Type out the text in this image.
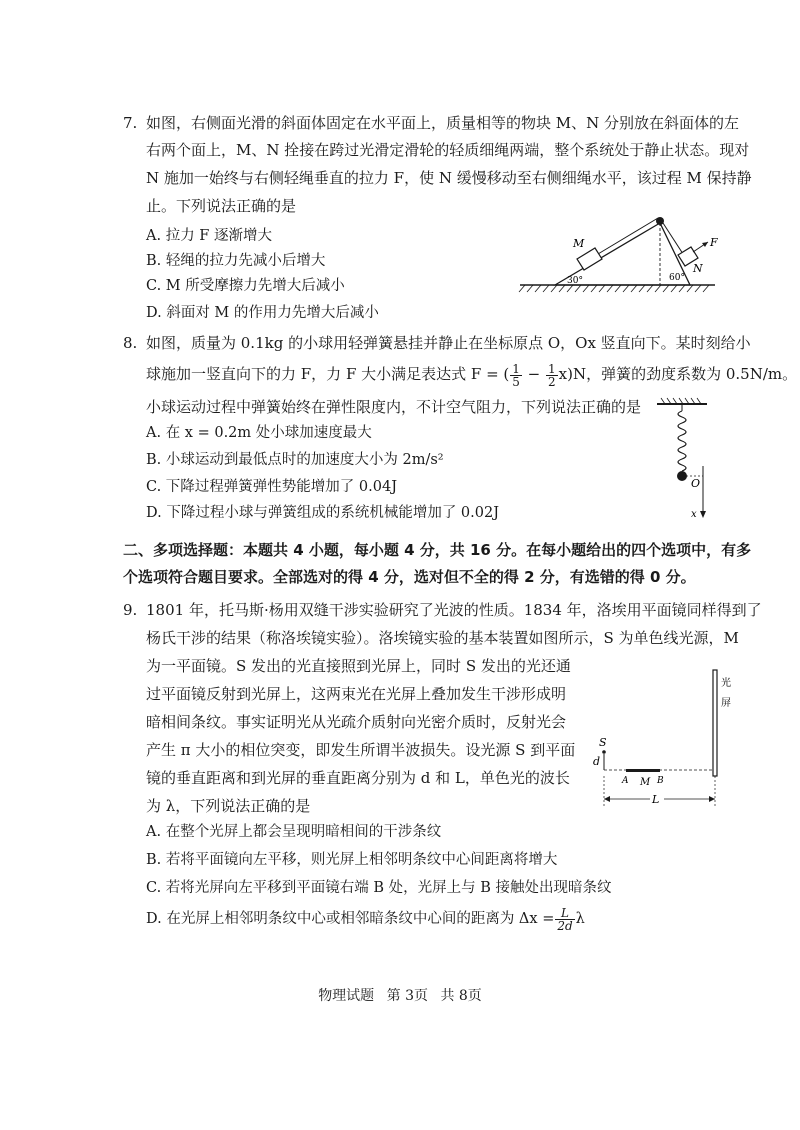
7. 如图，右侧面光滑的斜面体固定在水平面上，质量相等的物块 M、N 分别放在斜面体的左
右两个面上，M、N 拴接在跨过光滑定滑轮的轻质细绳两端，整个系统处于静止状态。现对
N 施加一始终与右侧轻绳垂直的拉力 F，使 N 缓慢移动至右侧细绳水平，该过程 M 保持静
止。下列说法正确的是
A. 拉力 F 逐渐增大
B. 轻绳的拉力先减小后增大
C. M 所受摩擦力先增大后减小
D. 斜面对 M 的作用力先增大后减小
M
N
F
30°	60°
8. 如图，质量为 0.1kg 的小球用轻弹簧悬挂并静止在坐标原点 O，Ox 竖直向下。某时刻给小
球施加一竖直向下的力 F，力 F 大小满足表达式 F = ( $\frac{1}{5} - \frac{1}{2} x)N$，弹簧的劲度系数为 0.5N/m。
小球运动过程中弹簧始终在弹性限度内，不计空气阻力，下列说法正确的是
A. 在 x = 0.2m 处小球加速度最大
B. 小球运动到最低点时的加速度大小为 2m/s²
C. 下降过程弹簧弹性势能增加了 0.04J
D. 下降过程小球与弹簧组成的系统机械能增加了 0.02J
O
x
二、多项选择题：本题共 4 小题，每小题 4 分，共 16 分。在每小题给出的四个选项中，有多
个选项符合题目要求。全部选对的得 4 分，选对但不全的得 2 分，有选错的得 0 分。
9. 1801 年，托马斯·杨用双缝干涉实验研究了光波的性质。1834 年，洛埃用平面镜同样得到了
杨氏干涉的结果（称洛埃镜实验）。洛埃镜实验的基本装置如图所示，S 为单色线光源，M
为一平面镜。S 发出的光直接照到光屏上，同时 S 发出的光还通
过平面镜反射到光屏上，这两束光在光屏上叠加发生干涉形成明
暗相间条纹。事实证明光从光疏介质射向光密介质时，反射光会
产生 π 大小的相位突变，即发生所谓半波损失。设光源 S 到平面
镜的垂直距离和到光屏的垂直距离分别为 d 和 L，单色光的波长
为 λ，下列说法正确的是
A. 在整个光屏上都会呈现明暗相间的干涉条纹
B. 若将平面镜向左平移，则光屏上相邻明条纹中心间距离将增大
C. 若将光屏向左平移到平面镜右端 B 处，光屏上与 B 接触处出现暗条纹
D. 在光屏上相邻明条纹中心或相邻暗条纹中心间的距离为 $\Delta x = \frac{L}{2d}$ λ
光
屏
S
d
A M B
L
物理试题 第 3页 共 8页
